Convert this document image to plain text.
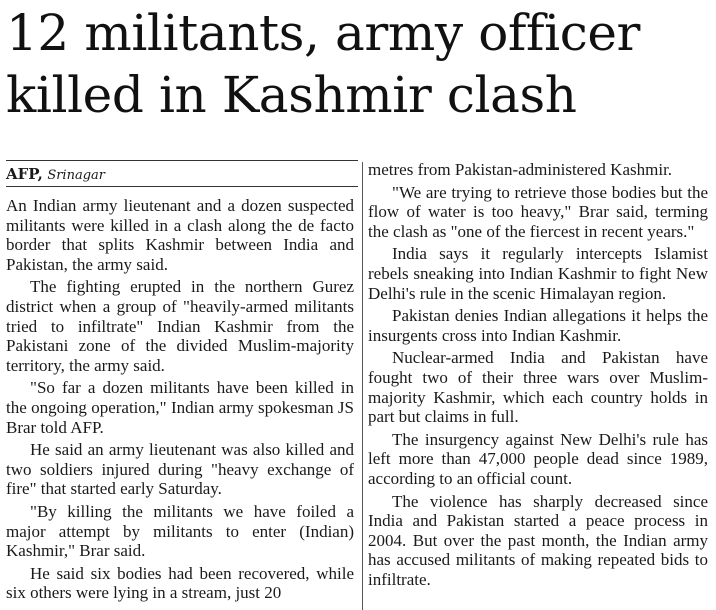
12 militants, army officer
killed in Kashmir clash
AFP, Srinagar

An Indian army lieutenant and a dozen suspected militants were killed in a clash along the de facto border that splits Kashmir between India and Pakistan, the army said.

The fighting erupted in the northern Gurez district when a group of "heavily-armed militants tried to infiltrate" Indian Kashmir from the Pakistani zone of the divided Muslim-majority territory, the army said.

"So far a dozen militants have been killed in the ongoing operation," Indian army spokesman JS Brar told AFP.

He said an army lieutenant was also killed and two soldiers injured during "heavy exchange of fire" that started early Saturday.

"By killing the militants we have foiled a major attempt by militants to enter (Indian) Kashmir," Brar said.

He said six bodies had been recovered, while six others were lying in a stream, just 20

metres from Pakistan-administered Kashmir.

"We are trying to retrieve those bodies but the flow of water is too heavy," Brar said, terming the clash as "one of the fiercest in recent years."

India says it regularly intercepts Islamist rebels sneaking into Indian Kashmir to fight New Delhi's rule in the scenic Himalayan region.

Pakistan denies Indian allegations it helps the insurgents cross into Indian Kashmir.

Nuclear-armed India and Pakistan have fought two of their three wars over Muslim-majority Kashmir, which each country holds in part but claims in full.

The insurgency against New Delhi's rule has left more than 47,000 people dead since 1989, according to an official count.

The violence has sharply decreased since India and Pakistan started a peace process in 2004. But over the past month, the Indian army has accused militants of making repeated bids to infiltrate.
